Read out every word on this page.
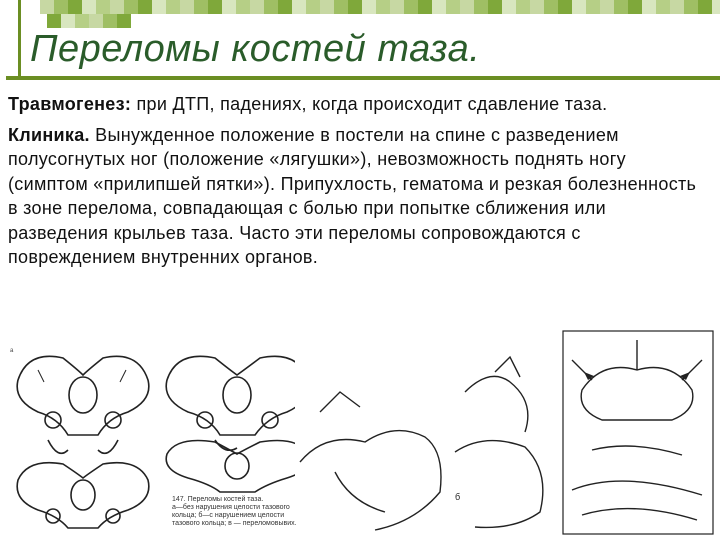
Переломы костей таза.

Травмогенез: при ДТП, падениях, когда происходит сдавление таза.

Клиника. Вынужденное положение в постели на спине с разведением полусогнутых ног (положение «лягушки»), невозможность поднять ногу (симптом «прилипшей пятки»). Припухлость, гематома и резкая болезненность в зоне перелома, совпадающая с болью при попытке сближения или разведения крыльев таза. Часто эти переломы сопровождаются с повреждением внутренних органов.

а
б
147. Переломы костей таза.
а—без нарушения целости тазового
кольца; б—с нарушением целости
тазового кольца; в — переломовывих.
